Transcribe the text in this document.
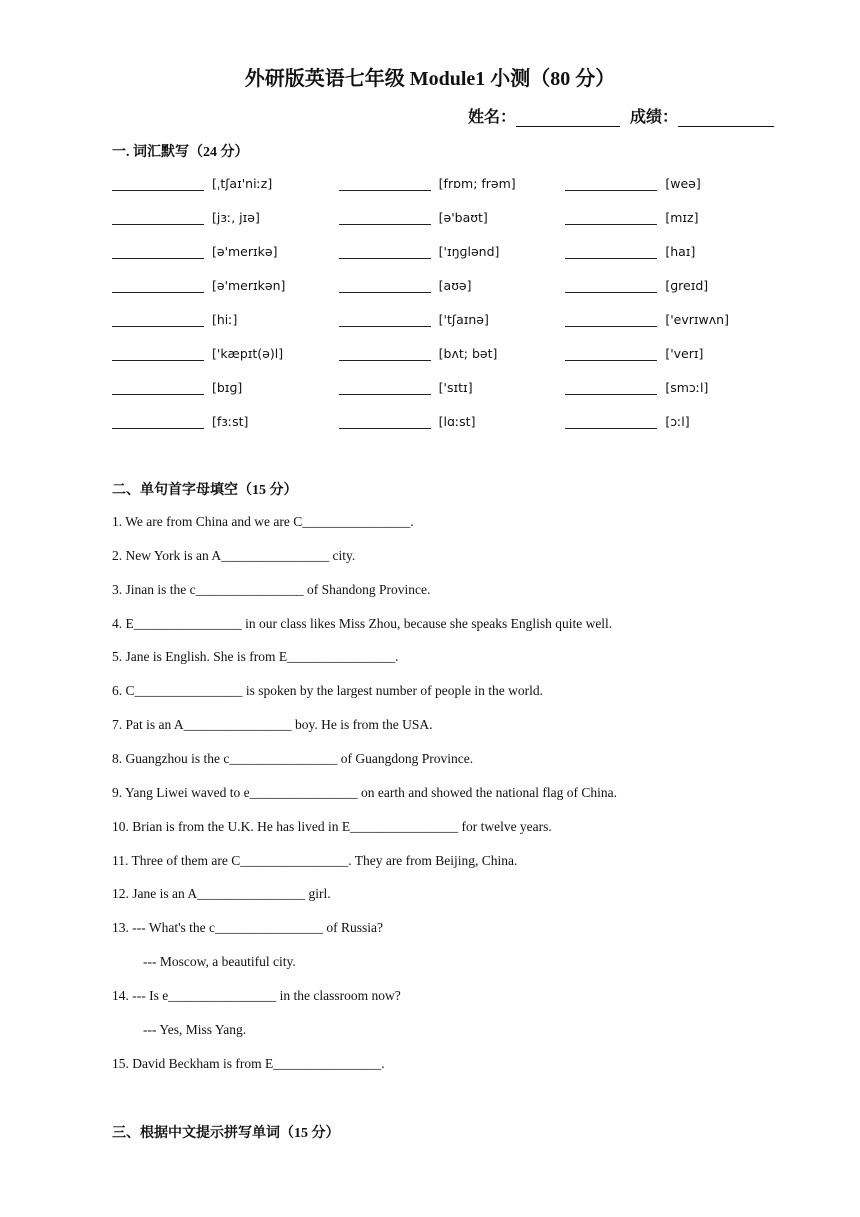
外研版英语七年级 Module1 小测（80 分）
姓名：	成绩：
一. 词汇默写（24 分）
[ˌtʃaɪ'niːz]	[frɒm; frəm]	[weə]
[jɜː, jɪə]	[ə'baʊt]	[mɪz]
[ə'merɪkə]	['ɪŋɡlənd]	[haɪ]
[ə'merɪkən]	[aʊə]	[ɡreɪd]
[hiː]	['tʃaɪnə]	['evrɪwʌn]
['kæpɪt(ə)l]	[bʌt; bət]	['verɪ]
[bɪɡ]	['sɪtɪ]	[smɔːl]
[fɜːst]	[lɑːst]	[ɔːl]
二、单句首字母填空（15 分）
1. We are from China and we are C________________.
2. New York is an A________________ city.
3. Jinan is the c________________ of Shandong Province.
4. E________________ in our class likes Miss Zhou, because she speaks English quite well.
5. Jane is English. She is from E________________.
6. C________________ is spoken by the largest number of people in the world.
7. Pat is an A________________ boy. He is from the USA.
8. Guangzhou is the c________________ of Guangdong Province.
9. Yang Liwei waved to e________________ on earth and showed the national flag of China.
10. Brian is from the U.K. He has lived in E________________ for twelve years.
11. Three of them are C________________. They are from Beijing, China.
12. Jane is an A________________ girl.
13. --- What's the c________________ of Russia?
--- Moscow, a beautiful city.
14. --- Is e________________ in the classroom now?
--- Yes, Miss Yang.
15. David Beckham is from E________________.
三、根据中文提示拼写单词（15 分）
